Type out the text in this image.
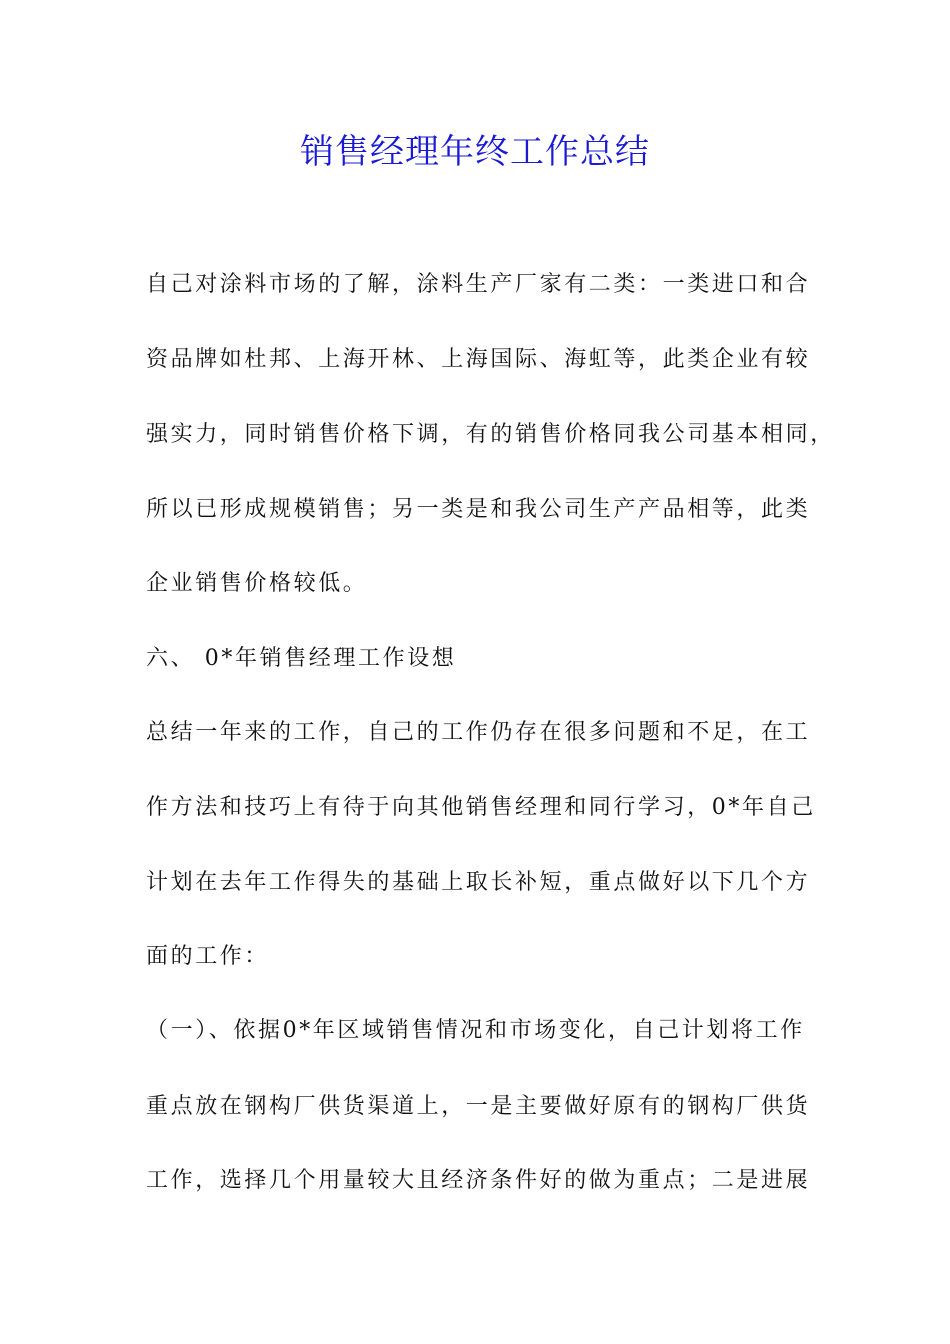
销售经理年终工作总结
自己对涂料市场的了解，涂料生产厂家有二类：一类进口和合
资品牌如杜邦、上海开林、上海国际、海虹等，此类企业有较
强实力，同时销售价格下调，有的销售价格同我公司基本相同，
所以已形成规模销售；另一类是和我公司生产产品相等，此类
企业销售价格较低。
六、 0*年销售经理工作设想
总结一年来的工作，自己的工作仍存在很多问题和不足，在工
作方法和技巧上有待于向其他销售经理和同行学习，0*年自己
计划在去年工作得失的基础上取长补短，重点做好以下几个方
面的工作：
（一）、依据0*年区域销售情况和市场变化，自己计划将工作
重点放在钢构厂供货渠道上，一是主要做好原有的钢构厂供货
工作，选择几个用量较大且经济条件好的做为重点；二是进展
